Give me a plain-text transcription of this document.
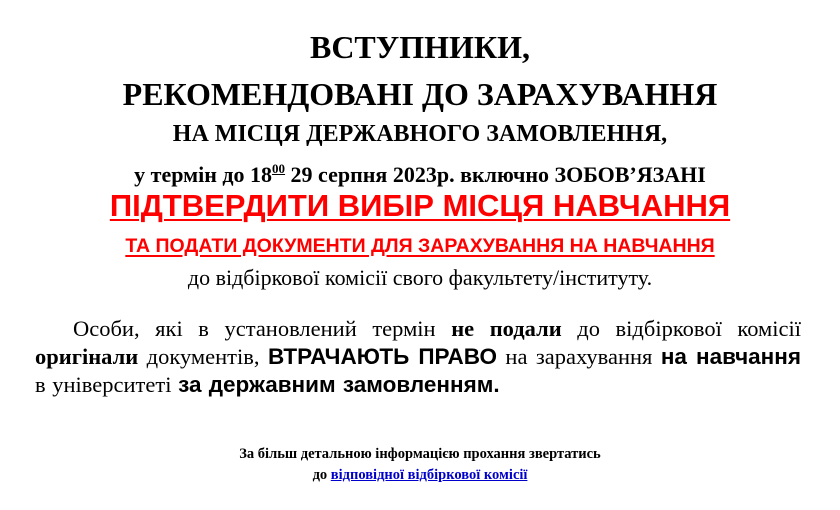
ВСТУПНИКИ,
РЕКОМЕНДОВАНІ ДО ЗАРАХУВАННЯ
НА МІСЦЯ ДЕРЖАВНОГО ЗАМОВЛЕННЯ,
у термін до $18^{00}$ 29 серпня 2023р. включно ЗОБОВ’ЯЗАНІ
ПІДТВЕРДИТИ ВИБІР МІСЦЯ НАВЧАННЯ
ТА ПОДАТИ ДОКУМЕНТИ ДЛЯ ЗАРАХУВАННЯ НА НАВЧАННЯ
до відбіркової комісії свого факультету/інституту.
Особи, які в установлений термін не подали до відбіркової комісії оригінали документів, ВТРАЧАЮТЬ ПРАВО на зарахування на навчання в університеті за державним замовленням.
За більш детальною інформацією прохання звертатись
до відповідної відбіркової комісії
